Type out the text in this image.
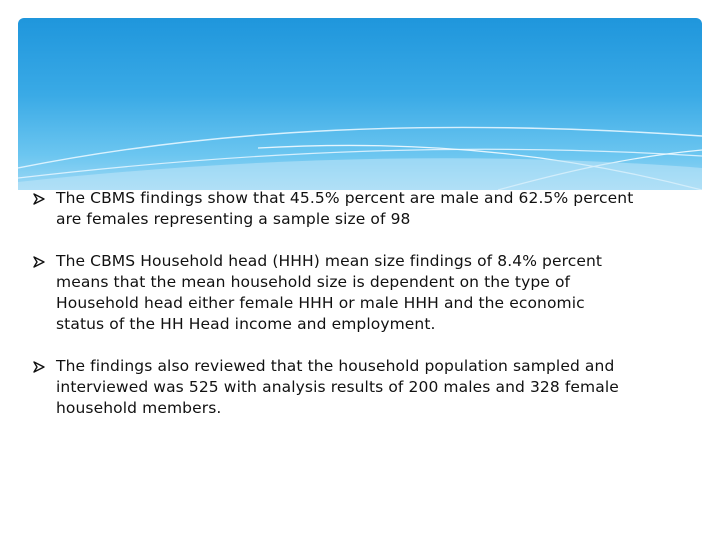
The CBMS findings show that 45.5% percent are male and 62.5% percent
are females representing a sample size of 98
The CBMS Household head (HHH) mean size findings of 8.4% percent
means that the mean household size is dependent on the type of
Household head either female HHH or male HHH and the economic
status of the HH Head income and employment.
The findings also reviewed that the household population sampled and
interviewed was 525 with analysis results of 200 males and 328 female
household members.
